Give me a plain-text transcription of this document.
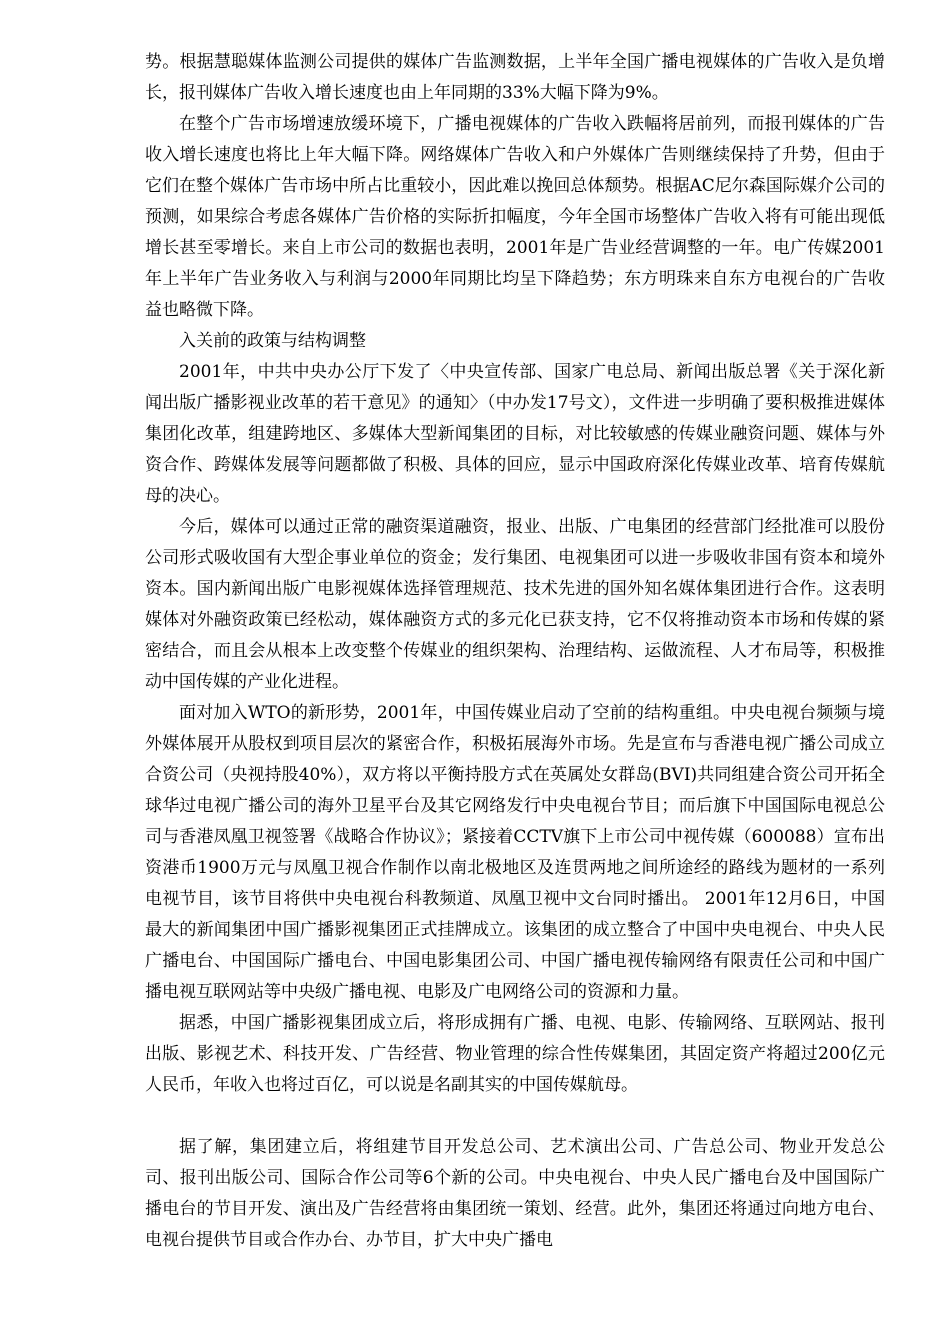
势。根据慧聪媒体监测公司提供的媒体广告监测数据，上半年全国广播电视媒体的广告收入是负增长，报刊媒体广告收入增长速度也由上年同期的33%大幅下降为9%。

在整个广告市场增速放缓环境下，广播电视媒体的广告收入跌幅将居前列，而报刊媒体的广告收入增长速度也将比上年大幅下降。网络媒体广告收入和户外媒体广告则继续保持了升势，但由于它们在整个媒体广告市场中所占比重较小，因此难以挽回总体颓势。根据AC尼尔森国际媒介公司的预测，如果综合考虑各媒体广告价格的实际折扣幅度，今年全国市场整体广告收入将有可能出现低增长甚至零增长。来自上市公司的数据也表明，2001年是广告业经营调整的一年。电广传媒2001年上半年广告业务收入与利润与2000年同期比均呈下降趋势；东方明珠来自东方电视台的广告收益也略微下降。

入关前的政策与结构调整

2001年，中共中央办公厅下发了〈中央宣传部、国家广电总局、新闻出版总署《关于深化新闻出版广播影视业改革的若干意见》的通知〉（中办发17号文），文件进一步明确了要积极推进媒体集团化改革，组建跨地区、多媒体大型新闻集团的目标，对比较敏感的传媒业融资问题、媒体与外资合作、跨媒体发展等问题都做了积极、具体的回应，显示中国政府深化传媒业改革、培育传媒航母的决心。

今后，媒体可以通过正常的融资渠道融资，报业、出版、广电集团的经营部门经批准可以股份公司形式吸收国有大型企事业单位的资金；发行集团、电视集团可以进一步吸收非国有资本和境外资本。国内新闻出版广电影视媒体选择管理规范、技术先进的国外知名媒体集团进行合作。这表明媒体对外融资政策已经松动，媒体融资方式的多元化已获支持，它不仅将推动资本市场和传媒的紧密结合，而且会从根本上改变整个传媒业的组织架构、治理结构、运做流程、人才布局等，积极推动中国传媒的产业化进程。

面对加入WTO的新形势，2001年，中国传媒业启动了空前的结构重组。中央电视台频频与境外媒体展开从股权到项目层次的紧密合作，积极拓展海外市场。先是宣布与香港电视广播公司成立合资公司（央视持股40%），双方将以平衡持股方式在英属处女群岛(BVI)共同组建合资公司开拓全球华过电视广播公司的海外卫星平台及其它网络发行中央电视台节目；而后旗下中国国际电视总公司与香港凤凰卫视签署《战略合作协议》；紧接着CCTV旗下上市公司中视传媒（600088）宣布出资港币1900万元与凤凰卫视合作制作以南北极地区及连贯两地之间所途经的路线为题材的一系列电视节目，该节目将供中央电视台科教频道、凤凰卫视中文台同时播出。 2001年12月6日，中国最大的新闻集团中国广播影视集团正式挂牌成立。该集团的成立整合了中国中央电视台、中央人民广播电台、中国国际广播电台、中国电影集团公司、中国广播电视传输网络有限责任公司和中国广播电视互联网站等中央级广播电视、电影及广电网络公司的资源和力量。

据悉，中国广播影视集团成立后，将形成拥有广播、电视、电影、传输网络、互联网站、报刊出版、影视艺术、科技开发、广告经营、物业管理的综合性传媒集团，其固定资产将超过200亿元人民币，年收入也将过百亿，可以说是名副其实的中国传媒航母。

据了解，集团建立后，将组建节目开发总公司、艺术演出公司、广告总公司、物业开发总公司、报刊出版公司、国际合作公司等6个新的公司。中央电视台、中央人民广播电台及中国国际广播电台的节目开发、演出及广告经营将由集团统一策划、经营。此外，集团还将通过向地方电台、电视台提供节目或合作办台、办节目，扩大中央广播电
